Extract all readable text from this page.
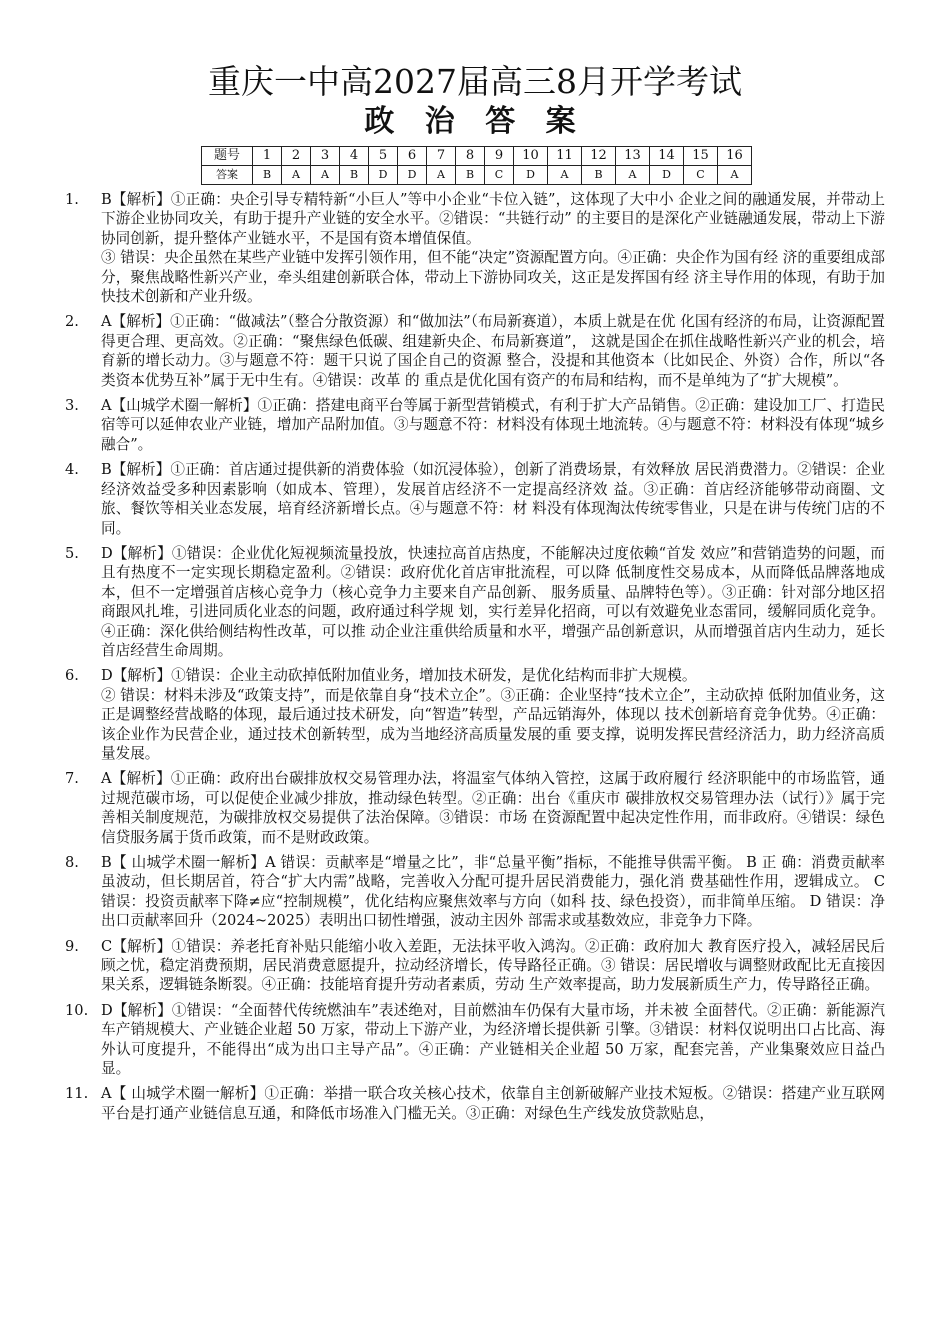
重庆一中高2027届高三8月开学考试
政 治 答 案
题号	1	2	3	4	5	6	7	8	9	10	11	12	13	14	15	16
答案	B	A	A	B	D	D	A	B	C	D	A	B	A	D	C	A
1.	B【解析】①正确：央企引导专精特新“小巨人”等中小企业“卡位入链”，这体现了大中小 企业之间的融通发展，并带动上下游企业协同攻关，有助于提升产业链的安全水平。②错误：“共链行动” 的主要目的是深化产业链融通发展，带动上下游协同创新，提升整体产业链水平，不是国有资本增值保值。

③ 错误：央企虽然在某些产业链中发挥引领作用，但不能“决定”资源配置方向。④正确：央企作为国有经 济的重要组成部分，聚焦战略性新兴产业，牵头组建创新联合体，带动上下游协同攻关，这正是发挥国有经 济主导作用的体现，有助于加快技术创新和产业升级。

2.	A【解析】①正确：“做减法”（整合分散资源）和“做加法”（布局新赛道），本质上就是在优 化国有经济的布局，让资源配置得更合理、更高效。②正确：“聚焦绿色低碳、组建新央企、布局新赛道”， 这就是国企在抓住战略性新兴产业的机会，培育新的增长动力。③与题意不符：题干只说了国企自己的资源 整合，没提和其他资本（比如民企、外资）合作，所以“各类资本优势互补”属于无中生有。④错误：改革 的 重点是优化国有资产的布局和结构，而不是单纯为了“扩大规模”。

3.	A【山城学术圈一解析】①正确：搭建电商平台等属于新型营销模式，有利于扩大产品销售。②正确：建设加工厂、打造民宿等可以延伸农业产业链，增加产品附加值。③与题意不符：材料没有体现土地流转。④与题意不符：材料没有体现“城乡融合”。

4.	B【解析】①正确：首店通过提供新的消费体验（如沉浸体验），创新了消费场景，有效释放 居民消费潜力。②错误：企业经济效益受多种因素影响（如成本、管理），发展首店经济不一定提高经济效 益。③正确：首店经济能够带动商圈、文旅、餐饮等相关业态发展，培育经济新增长点。④与题意不符：材 料没有体现淘汰传统零售业，只是在讲与传统门店的不同。

5.	D【解析】①错误：企业优化短视频流量投放，快速拉高首店热度，不能解决过度依赖“首发 效应”和营销造势的问题，而且有热度不一定实现长期稳定盈利。②错误：政府优化首店审批流程，可以降 低制度性交易成本，从而降低品牌落地成本，但不一定增强首店核心竞争力（核心竞争力主要来自产品创新、 服务质量、品牌特色等）。③正确：针对部分地区招商跟风扎堆，引进同质化业态的问题，政府通过科学规 划，实行差异化招商，可以有效避免业态雷同，缓解同质化竞争。④正确：深化供给侧结构性改革，可以推 动企业注重供给质量和水平，增强产品创新意识，从而增强首店内生动力，延长首店经营生命周期。

6.	D【解析】①错误：企业主动砍掉低附加值业务，增加技术研发，是优化结构而非扩大规模。

② 错误：材料未涉及“政策支持”，而是依靠自身“技术立企”。③正确：企业坚持“技术立企”，主动砍掉 低附加值业务，这正是调整经营战略的体现，最后通过技术研发，向“智造”转型，产品远销海外，体现以 技术创新培育竞争优势。④正确：该企业作为民营企业，通过技术创新转型，成为当地经济高质量发展的重 要支撑，说明发挥民营经济活力，助力经济高质量发展。

7.	A【解析】①正确：政府出台碳排放权交易管理办法，将温室气体纳入管控，这属于政府履行 经济职能中的市场监管，通过规范碳市场，可以促使企业减少排放，推动绿色转型。②正确：出台《重庆市 碳排放权交易管理办法（试行）》属于完善相关制度规范，为碳排放权交易提供了法治保障。③错误：市场 在资源配置中起决定性作用，而非政府。④错误：绿色信贷服务属于货币政策，而不是财政政策。

8.	B【 山城学术圈一解析】A 错误：贡献率是“增量之比”，非“总量平衡”指标，不能推导供需平衡。 B 正 确：消费贡献率虽波动，但长期居首，符合“扩大内需”战略，完善收入分配可提升居民消费能力，强化消 费基础性作用，逻辑成立。 C 错误：投资贡献率下降≠应“控制规模”，优化结构应聚焦效率与方向（如科 技、绿色投资），而非简单压缩。 D 错误：净出口贡献率回升（2024~2025）表明出口韧性增强，波动主因外 部需求或基数效应，非竞争力下降。

9.	C【解析】①错误：养老托育补贴只能缩小收入差距，无法抹平收入鸿沟。②正确：政府加大 教育医疗投入，减轻居民后顾之忧，稳定消费预期，居民消费意愿提升，拉动经济增长，传导路径正确。③ 错误：居民增收与调整财政配比无直接因果关系，逻辑链条断裂。④正确：技能培育提升劳动者素质，劳动 生产效率提高，助力发展新质生产力，传导路径正确。

10. D【解析】①错误：“全面替代传统燃油车”表述绝对，目前燃油车仍保有大量市场，并未被 全面替代。②正确：新能源汽车产销规模大、产业链企业超 50 万家，带动上下游产业，为经济增长提供新 引擎。③错误：材料仅说明出口占比高、海外认可度提升，不能得出“成为出口主导产品”。④正确：产业链相关企业超 50 万家，配套完善，产业集聚效应日益凸显。

11. A【 山城学术圈一解析】①正确：举措一联合攻关核心技术，依靠自主创新破解产业技术短板。②错误：搭建产业互联网平台是打通产业链信息互通，和降低市场准入门槛无关。③正确：对绿色生产线发放贷款贴息，
